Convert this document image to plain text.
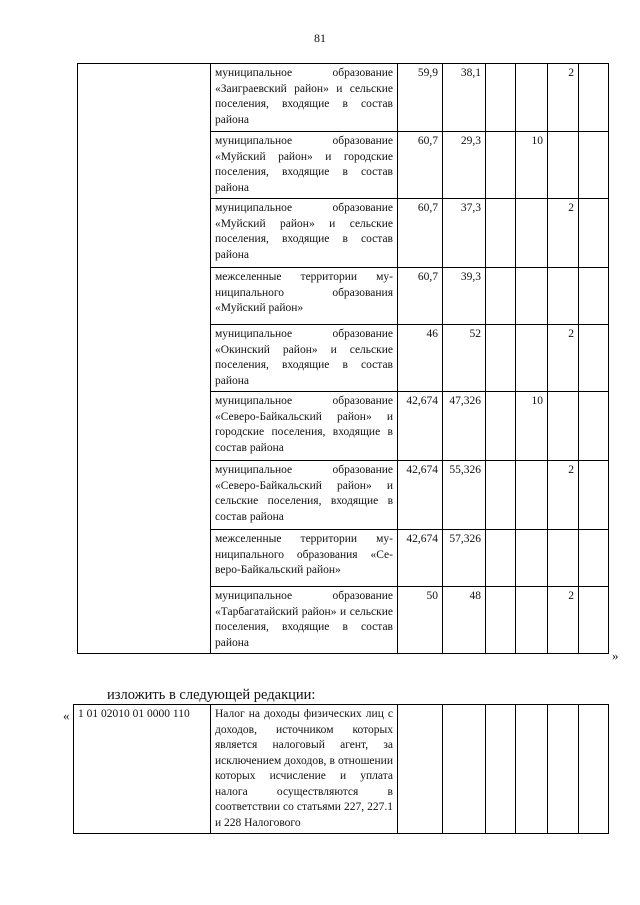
81
	муниципальное образование «Заиграевский район» и сельские поселения, входящие в состав района	59,9	38,1			2	
	муниципальное образование «Муйский район» и городские поселения, входящие в состав района	60,7	29,3		10		
	муниципальное образование «Муйский район» и сельские поселения, входящие в состав района	60,7	37,3			2	
	межселенные территории муниципального образования «Муйский район»	60,7	39,3				
	муниципальное образование «Окинский район» и сельские поселения, входящие в состав района	46	52			2	
	муниципальное образование «Северо-Байкальский район» и городские поселения, входящие в состав района	42,674	47,326		10		
	муниципальное образование «Северо-Байкальский район» и сельские поселения, входящие в состав района	42,674	55,326			2	
	межселенные территории муниципального образования «Северо-Байкальский район»	42,674	57,326				
	муниципальное образование «Тарбагатайский район» и сельские поселения, входящие в состав района	50	48			2	
»
изложить в следующей редакции:
« 1 01 02010 01 0000 110	Налог на доходы физических лиц с доходов, источником которых является налоговый агент, за исключением доходов, в отношении которых исчисление и уплата налога осуществляются в соответствии со статьями 227, 227.1 и 228 Налогового						
